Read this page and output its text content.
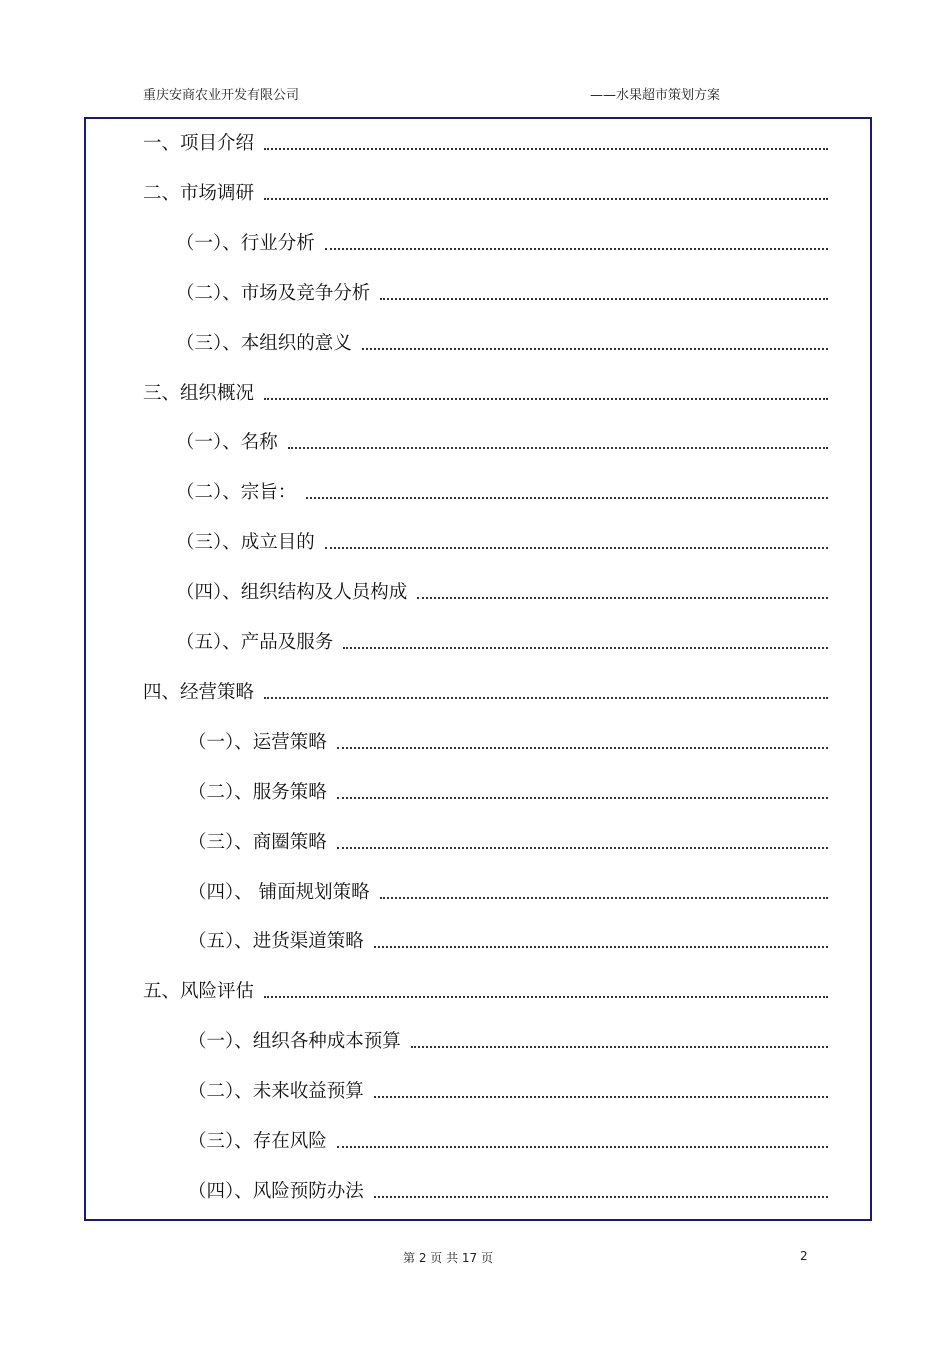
重庆安商农业开发有限公司	——水果超市策划方案
一、项目介绍
二、市场调研
（一）、行业分析
（二）、市场及竞争分析
（三）、本组织的意义
三、组织概况
（一）、名称
（二）、宗旨：
（三）、成立目的
（四）、组织结构及人员构成
（五）、产品及服务
四、经营策略
（一）、运营策略
（二）、服务策略
（三）、商圈策略
（四）、 铺面规划策略
（五）、进货渠道策略
五、风险评估
（一）、组织各种成本预算
（二）、未来收益预算
（三）、存在风险
（四）、风险预防办法
第 2 页 共 17 页	2
